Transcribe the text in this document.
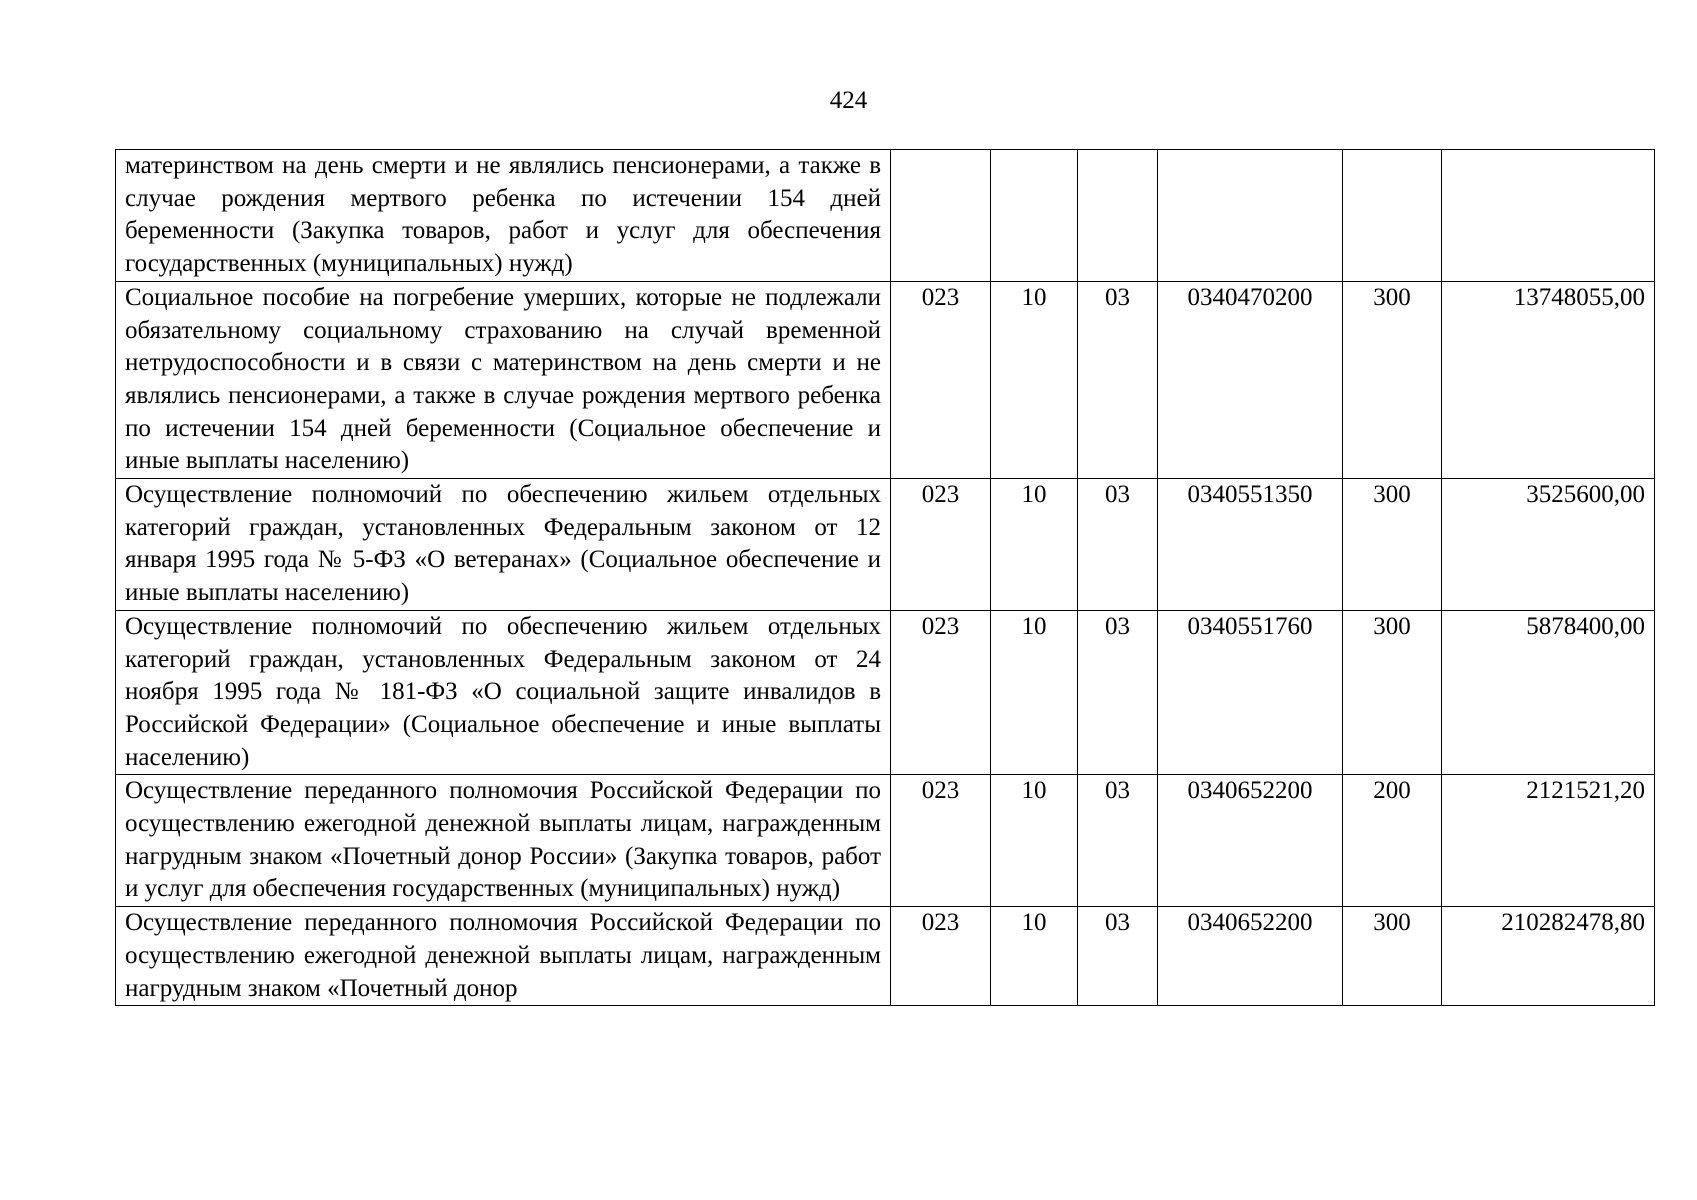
424
материнством на день смерти и не являлись пенсионерами, а также в случае рождения мертвого ребенка по истечении 154 дней беременности (Закупка товаров, работ и услуг для обеспечения государственных (муниципальных) нужд)						
Социальное пособие на погребение умерших, которые не подлежали обязательному социальному страхованию на случай временной нетрудоспособности и в связи с материнством на день смерти и не являлись пенсионерами, а также в случае рождения мертвого ребенка по истечении 154 дней беременности (Социальное обеспечение и иные выплаты населению)	023	10	03	0340470200	300	13748055,00
Осуществление полномочий по обеспечению жильем отдельных категорий граждан, установленных Федеральным законом от 12 января 1995 года № 5-ФЗ «О ветеранах» (Социальное обеспечение и иные выплаты населению)	023	10	03	0340551350	300	3525600,00
Осуществление полномочий по обеспечению жильем отдельных категорий граждан, установленных Федеральным законом от 24 ноября 1995 года № 181-ФЗ «О социальной защите инвалидов в Российской Федерации» (Социальное обеспечение и иные выплаты населению)	023	10	03	0340551760	300	5878400,00
Осуществление переданного полномочия Российской Федерации по осуществлению ежегодной денежной выплаты лицам, награжденным нагрудным знаком «Почетный донор России» (Закупка товаров, работ и услуг для обеспечения государственных (муниципальных) нужд)	023	10	03	0340652200	200	2121521,20
Осуществление переданного полномочия Российской Федерации по осуществлению ежегодной денежной выплаты лицам, награжденным нагрудным знаком «Почетный донор	023	10	03	0340652200	300	210282478,80
